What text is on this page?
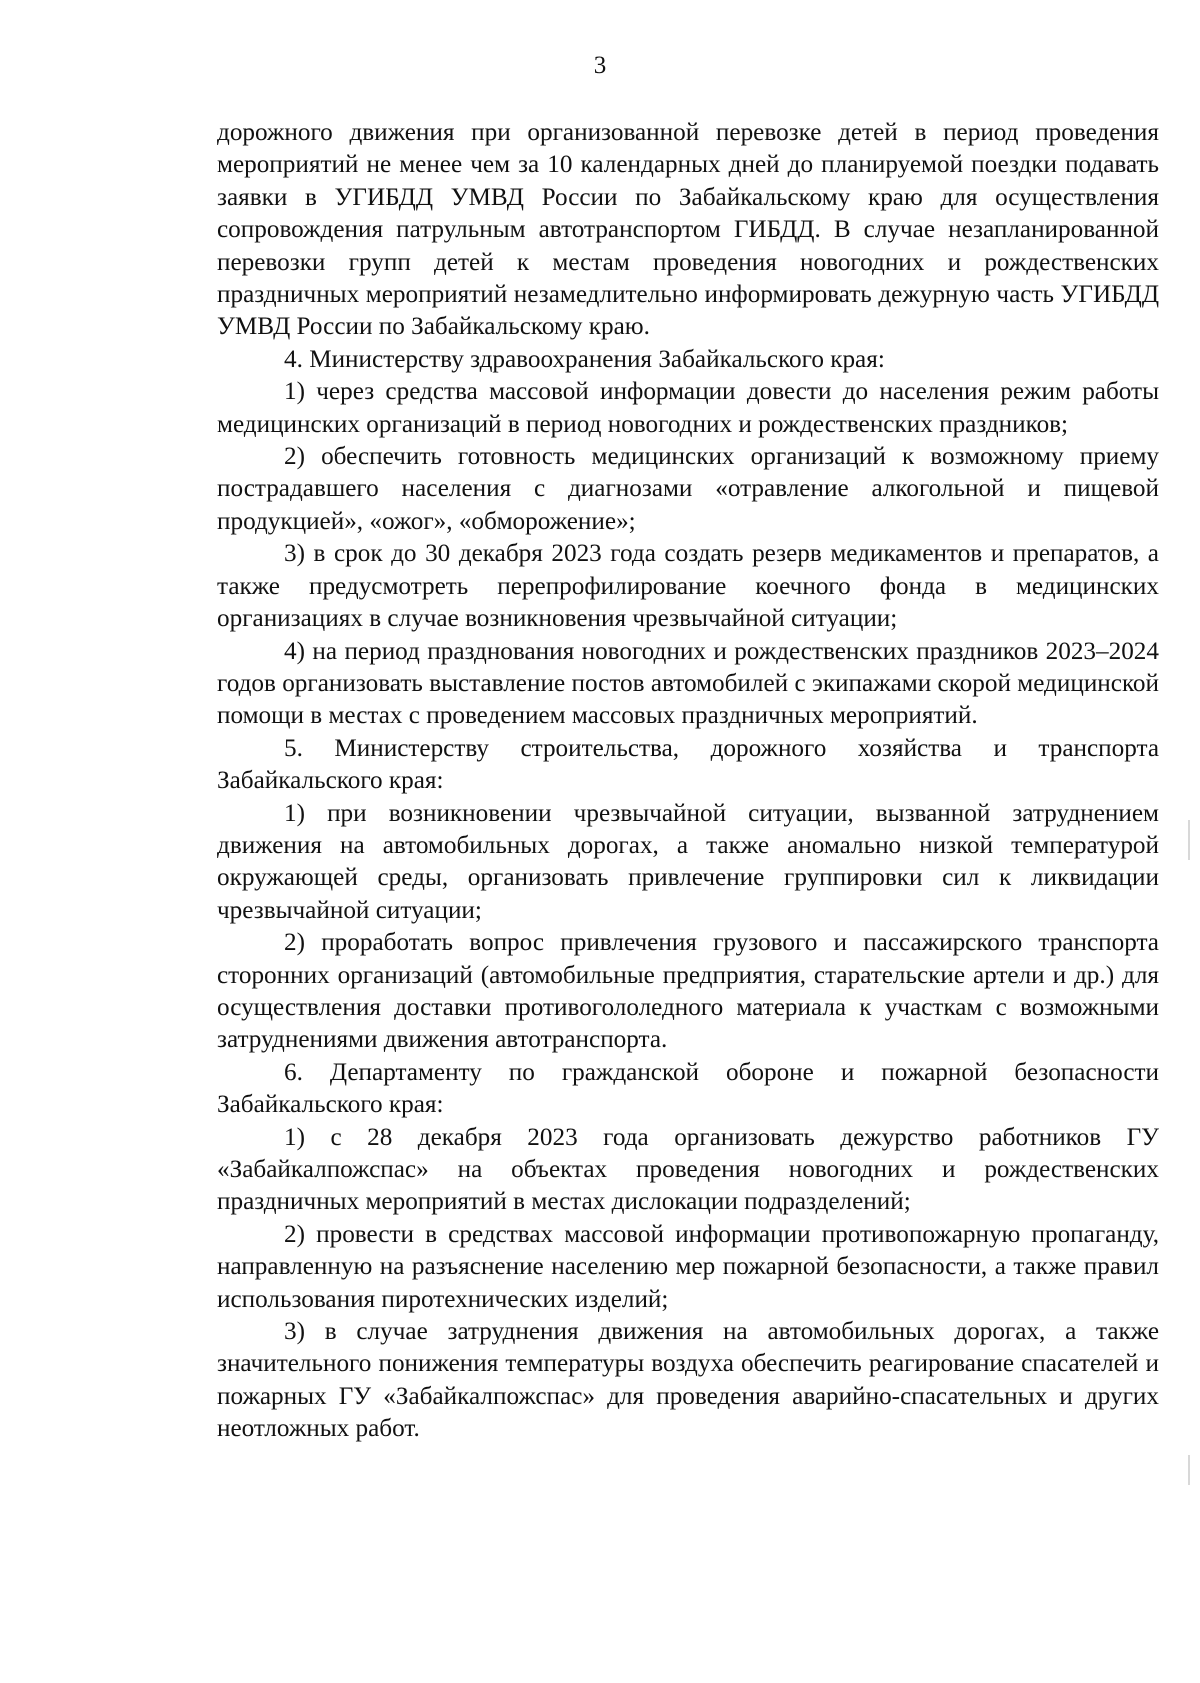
3

дорожного движения при организованной перевозке детей в период проведения мероприятий не менее чем за 10 календарных дней до планируемой поездки подавать заявки в УГИБДД УМВД России по Забайкальскому краю для осуществления сопровождения патрульным автотранспортом ГИБДД. В случае незапланированной перевозки групп детей к местам проведения новогодних и рождественских праздничных мероприятий незамедлительно информировать дежурную часть УГИБДД УМВД России по Забайкальскому краю.

4. Министерству здравоохранения Забайкальского края:

1) через средства массовой информации довести до населения режим работы медицинских организаций в период новогодних и рождественских праздников;

2) обеспечить готовность медицинских организаций к возможному приему пострадавшего населения с диагнозами «отравление алкогольной и пищевой продукцией», «ожог», «обморожение»;

3) в срок до 30 декабря 2023 года создать резерв медикаментов и препаратов, а также предусмотреть перепрофилирование коечного фонда в медицинских организациях в случае возникновения чрезвычайной ситуации;

4) на период празднования новогодних и рождественских праздников 2023–2024 годов организовать выставление постов автомобилей с экипажами скорой медицинской помощи в местах с проведением массовых праздничных мероприятий.

5. Министерству строительства, дорожного хозяйства и транспорта Забайкальского края:

1) при возникновении чрезвычайной ситуации, вызванной затруднением движения на автомобильных дорогах, а также аномально низкой температурой окружающей среды, организовать привлечение группировки сил к ликвидации чрезвычайной ситуации;

2) проработать вопрос привлечения грузового и пассажирского транспорта сторонних организаций (автомобильные предприятия, старательские артели и др.) для осуществления доставки противогололедного материала к участкам с возможными затруднениями движения автотранспорта.

6. Департаменту по гражданской обороне и пожарной безопасности Забайкальского края:

1) с 28 декабря 2023 года организовать дежурство работников ГУ «Забайкалпожспас» на объектах проведения новогодних и рождественских праздничных мероприятий в местах дислокации подразделений;

2) провести в средствах массовой информации противопожарную пропаганду, направленную на разъяснение населению мер пожарной безопасности, а также правил использования пиротехнических изделий;

3) в случае затруднения движения на автомобильных дорогах, а также значительного понижения температуры воздуха обеспечить реагирование спасателей и пожарных ГУ «Забайкалпожспас» для проведения аварийно-спасательных и других неотложных работ.
